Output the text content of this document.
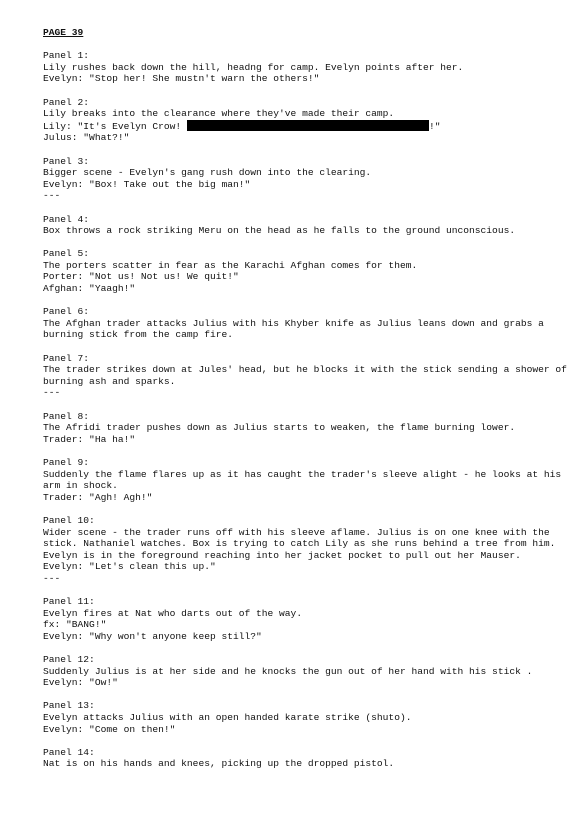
PAGE 39
Panel 1:
Lily rushes back down the hill, headng for camp. Evelyn points after her.
Evelyn: "Stop her! She mustn't warn the others!"
Panel 2:
Lily breaks into the clearance where they've made their camp.
Lily: "It's Evelyn Crow!	!"
Julus: "What?!"
Panel 3:
Bigger scene - Evelyn's gang rush down into the clearing.
Evelyn: "Box! Take out the big man!"
---
Panel 4:
Box throws a rock striking Meru on the head as he falls to the ground unconscious.
Panel 5:
The porters scatter in fear as the Karachi Afghan comes for them.
Porter: "Not us! Not us! We quit!"
Afghan: "Yaagh!"
Panel 6:
The Afghan trader attacks Julius with his Khyber knife as Julius leans down and grabs a
burning stick from the camp fire.
Panel 7:
The trader strikes down at Jules' head, but he blocks it with the stick sending a shower of
burning ash and sparks.
---
Panel 8:
The Afridi trader pushes down as Julius starts to weaken, the flame burning lower.
Trader: "Ha ha!"
Panel 9:
Suddenly the flame flares up as it has caught the trader's sleeve alight - he looks at his
arm in shock.
Trader: "Agh! Agh!"
Panel 10:
Wider scene - the trader runs off with his sleeve aflame. Julius is on one knee with the
stick. Nathaniel watches. Box is trying to catch Lily as she runs behind a tree from him.
Evelyn is in the foreground reaching into her jacket pocket to pull out her Mauser.
Evelyn: "Let's clean this up."
---
Panel 11:
Evelyn fires at Nat who darts out of the way.
fx: "BANG!"
Evelyn: "Why won't anyone keep still?"
Panel 12:
Suddenly Julius is at her side and he knocks the gun out of her hand with his stick .
Evelyn: "Ow!"
Panel 13:
Evelyn attacks Julius with an open handed karate strike (shuto).
Evelyn: "Come on then!"
Panel 14:
Nat is on his hands and knees, picking up the dropped pistol.
